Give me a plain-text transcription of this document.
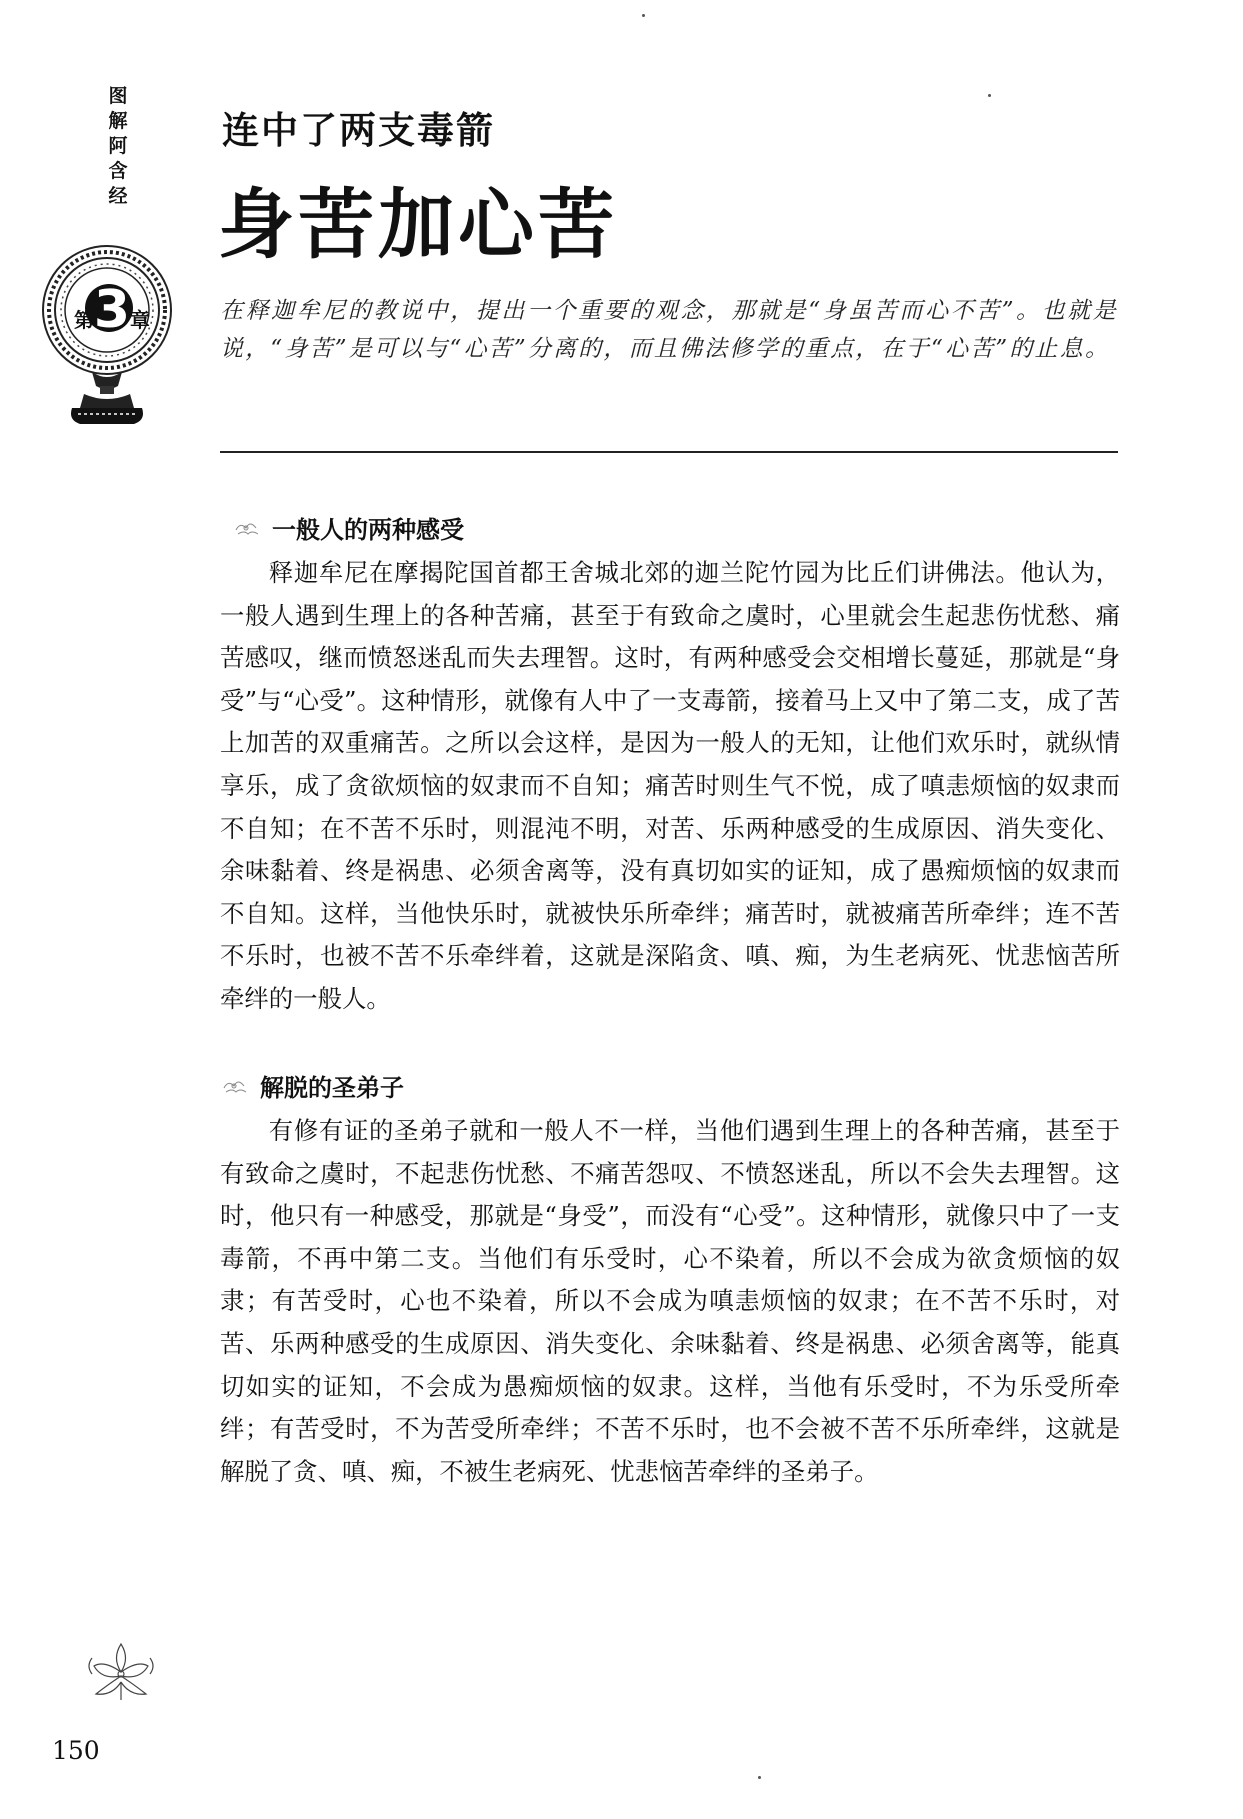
图
解
阿
含
经
第 3 章
连中了两支毒箭
身苦加心苦

在释迦牟尼的教说中，提出一个重要的观念，那就是“身虽苦而心不苦”。也就是说，“身苦”是可以与“心苦”分离的，而且佛法修学的重点，在于“心苦”的止息。

一般人的两种感受

释迦牟尼在摩揭陀国首都王舍城北郊的迦兰陀竹园为比丘们讲佛法。他认为，一般人遇到生理上的各种苦痛，甚至于有致命之虞时，心里就会生起悲伤忧愁、痛苦感叹，继而愤怒迷乱而失去理智。这时，有两种感受会交相增长蔓延，那就是“身受”与“心受”。这种情形，就像有人中了一支毒箭，接着马上又中了第二支，成了苦上加苦的双重痛苦。之所以会这样，是因为一般人的无知，让他们欢乐时，就纵情享乐，成了贪欲烦恼的奴隶而不自知；痛苦时则生气不悦，成了嗔恚烦恼的奴隶而不自知；在不苦不乐时，则混沌不明，对苦、乐两种感受的生成原因、消失变化、余味黏着、终是祸患、必须舍离等，没有真切如实的证知，成了愚痴烦恼的奴隶而不自知。这样，当他快乐时，就被快乐所牵绊；痛苦时，就被痛苦所牵绊；连不苦不乐时，也被不苦不乐牵绊着，这就是深陷贪、嗔、痴，为生老病死、忧悲恼苦所牵绊的一般人。

解脱的圣弟子

有修有证的圣弟子就和一般人不一样，当他们遇到生理上的各种苦痛，甚至于有致命之虞时，不起悲伤忧愁、不痛苦怨叹、不愤怒迷乱，所以不会失去理智。这时，他只有一种感受，那就是“身受”，而没有“心受”。这种情形，就像只中了一支毒箭，不再中第二支。当他们有乐受时，心不染着，所以不会成为欲贪烦恼的奴隶；有苦受时，心也不染着，所以不会成为嗔恚烦恼的奴隶；在不苦不乐时，对苦、乐两种感受的生成原因、消失变化、余味黏着、终是祸患、必须舍离等，能真切如实的证知，不会成为愚痴烦恼的奴隶。这样，当他有乐受时，不为乐受所牵绊；有苦受时，不为苦受所牵绊；不苦不乐时，也不会被不苦不乐所牵绊，这就是解脱了贪、嗔、痴，不被生老病死、忧悲恼苦牵绊的圣弟子。

150
